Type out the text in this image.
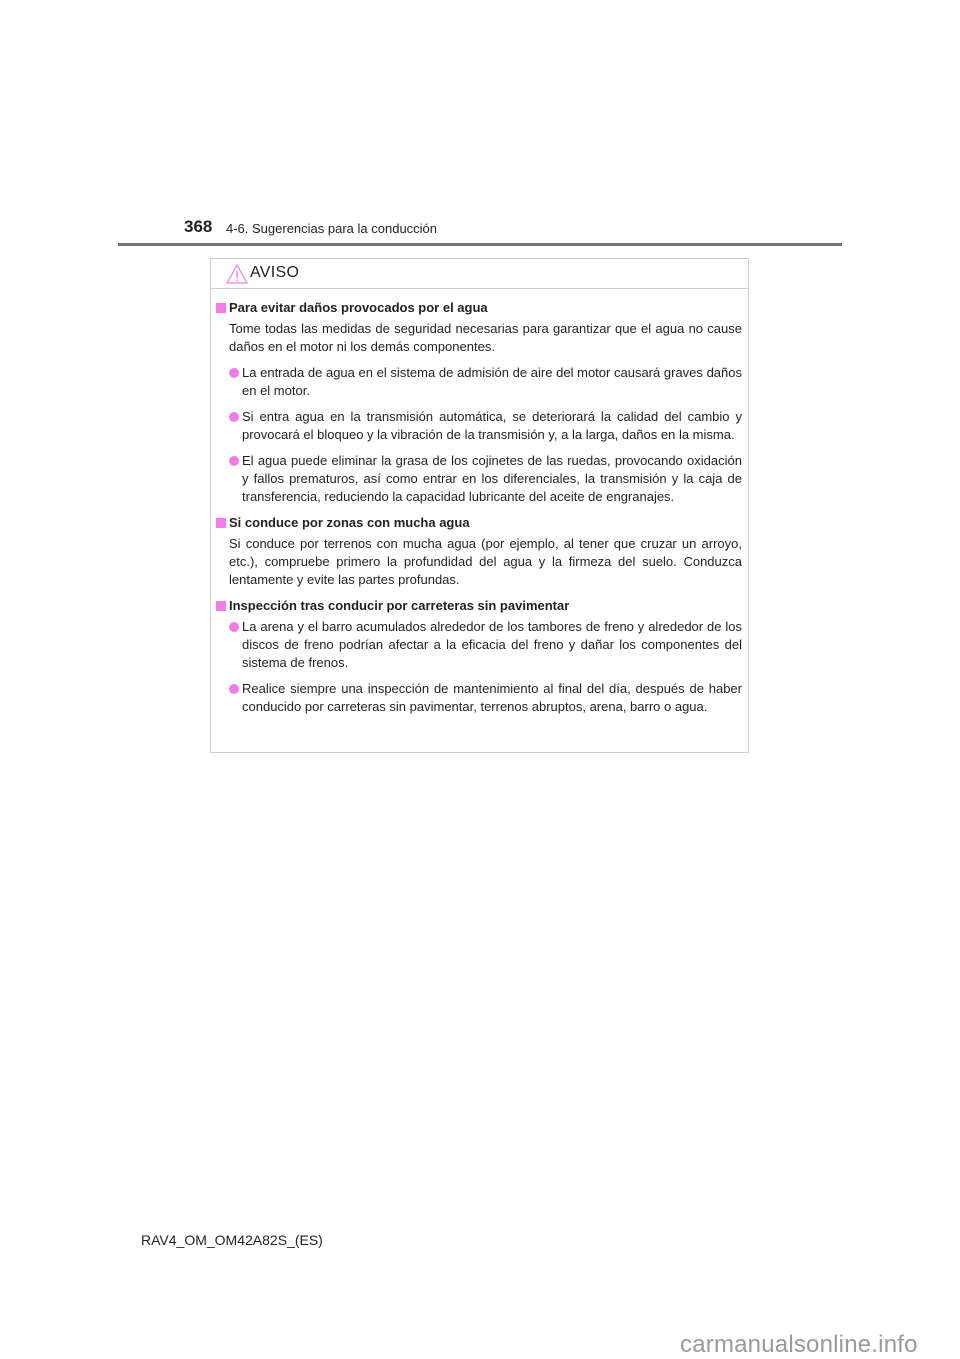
368 4-6. Sugerencias para la conducción
AVISO
Para evitar daños provocados por el agua
Tome todas las medidas de seguridad necesarias para garantizar que el agua no cause daños en el motor ni los demás componentes.
La entrada de agua en el sistema de admisión de aire del motor causará graves daños en el motor.
Si entra agua en la transmisión automática, se deteriorará la calidad del cambio y provocará el bloqueo y la vibración de la transmisión y, a la larga, daños en la misma.
El agua puede eliminar la grasa de los cojinetes de las ruedas, provocando oxidación y fallos prematuros, así como entrar en los diferenciales, la transmisión y la caja de transferencia, reduciendo la capacidad lubricante del aceite de engranajes.
Si conduce por zonas con mucha agua
Si conduce por terrenos con mucha agua (por ejemplo, al tener que cruzar un arroyo, etc.), compruebe primero la profundidad del agua y la firmeza del suelo. Conduzca lentamente y evite las partes profundas.
Inspección tras conducir por carreteras sin pavimentar
La arena y el barro acumulados alrededor de los tambores de freno y alrededor de los discos de freno podrían afectar a la eficacia del freno y dañar los componentes del sistema de frenos.
Realice siempre una inspección de mantenimiento al final del día, después de haber conducido por carreteras sin pavimentar, terrenos abruptos, arena, barro o agua.
RAV4_OM_OM42A82S_(ES)
carmanualsonline.info
